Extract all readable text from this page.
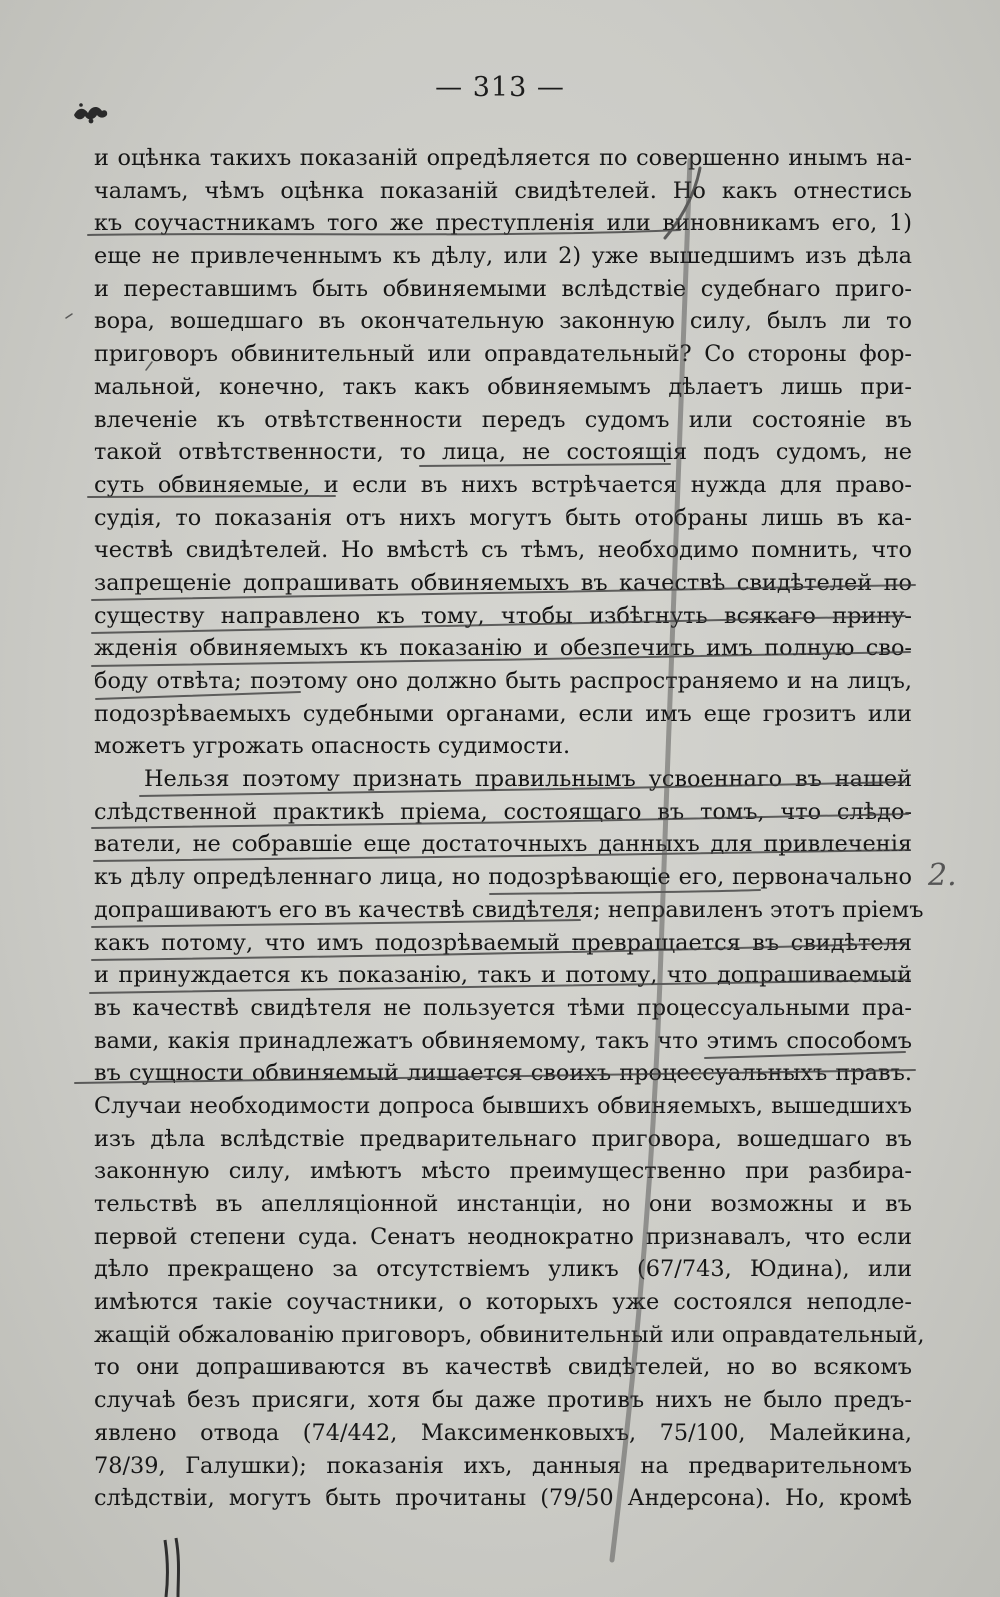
— 313 —
и оцѣнка такихъ показаній опредѣляется по совершенно инымъ на-
чаламъ, чѣмъ оцѣнка показаній свидѣтелей. Но какъ отнестись
къ соучастникамъ того же преступленія или виновникамъ его, 1)
еще не привлеченнымъ къ дѣлу, или 2) уже вышедшимъ изъ дѣла
и переставшимъ быть обвиняемыми вслѣдствіе судебнаго приго-
вора, вошедшаго въ окончательную законную силу, былъ ли то
приговоръ обвинительный или оправдательный? Со стороны фор-
мальной, конечно, такъ какъ обвиняемымъ дѣлаетъ лишь при-
влеченіе къ отвѣтственности передъ судомъ или состояніе въ
такой отвѣтственности, то лица, не состоящія подъ судомъ, не
суть обвиняемые, и если въ нихъ встрѣчается нужда для право-
судія, то показанія отъ нихъ могутъ быть отобраны лишь въ ка-
чествѣ свидѣтелей. Но вмѣстѣ съ тѣмъ, необходимо помнить, что
запрещеніе допрашивать обвиняемыхъ въ качествѣ свидѣтелей по
существу направлено къ тому, чтобы избѣгнуть всякаго прину-
жденія обвиняемыхъ къ показанію и обезпечить имъ полную сво-
боду отвѣта; поэтому оно должно быть распространяемо и на лицъ,
подозрѣваемыхъ судебными органами, если имъ еще грозитъ или
можетъ угрожать опасность судимости.
Нельзя поэтому признать правильнымъ усвоеннаго въ нашей
слѣдственной практикѣ пріема, состоящаго въ томъ, что слѣдо-
ватели, не собравшіе еще достаточныхъ данныхъ для привлеченія
къ дѣлу опредѣленнаго лица, но подозрѣвающіе его, первоначально
допрашиваютъ его въ качествѣ свидѣтеля; неправиленъ этотъ пріемъ
какъ потому, что имъ подозрѣваемый превращается въ свидѣтеля
и принуждается къ показанію, такъ и потому, что допрашиваемый
въ качествѣ свидѣтеля не пользуется тѣми процессуальными пра-
вами, какія принадлежатъ обвиняемому, такъ что этимъ способомъ
въ сущности обвиняемый лишается своихъ процессуальныхъ правъ.
Случаи необходимости допроса бывшихъ обвиняемыхъ, вышедшихъ
изъ дѣла вслѣдствіе предварительнаго приговора, вошедшаго въ
законную силу, имѣютъ мѣсто преимущественно при разбира-
тельствѣ въ апелляціонной инстанціи, но они возможны и въ
первой степени суда. Сенатъ неоднократно признавалъ, что если
дѣло прекращено за отсутствіемъ уликъ (67/743, Юдина), или
имѣются такіе соучастники, о которыхъ уже состоялся неподле-
жащій обжалованію приговоръ, обвинительный или оправдательный,
то они допрашиваются въ качествѣ свидѣтелей, но во всякомъ
случаѣ безъ присяги, хотя бы даже противъ нихъ не было предъ-
явлено отвода (74/442, Максименковыхъ, 75/100, Малейкина,
78/39, Галушки); показанія ихъ, данныя на предварительномъ
слѣдствіи, могутъ быть прочитаны (79/50 Андерсона). Но, кромѣ
2.
